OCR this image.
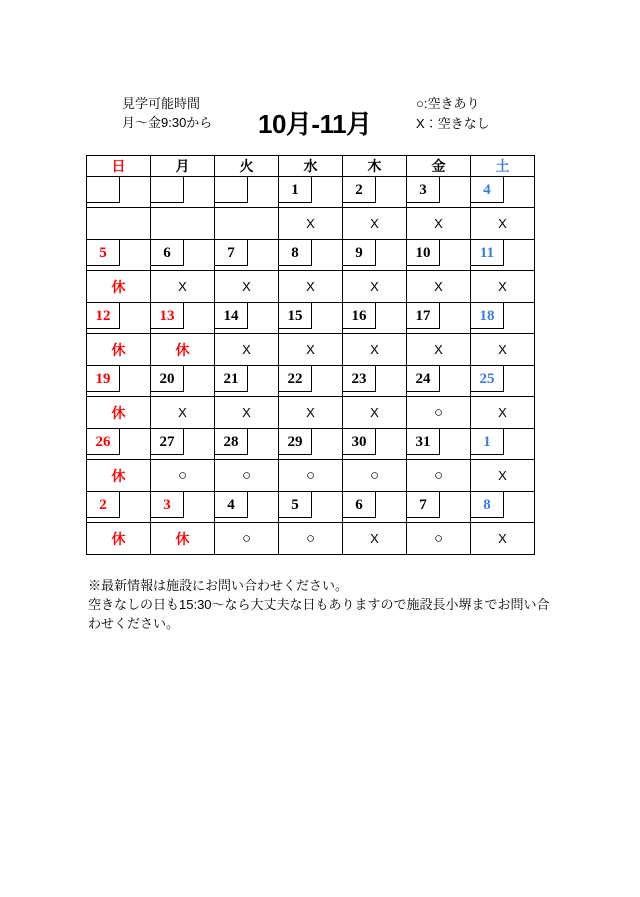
見学可能時間
月〜金9:30から 10月-11月
○:空きあり
X：空きなし
日	月	火	水	木	金	土

			1	2	3	4

			X	X	X	X

5	6	7	8	9	10	11

休	X	X	X	X	X	X

12	13	14	15	16	17	18

休	休	X	X	X	X	X

19	20	21	22	23	24	25

休	X	X	X	X	○	X

26	27	28	29	30	31	1

休	○	○	○	○	○	X

2	3	4	5	6	7	8

休	休	○	○	X	○	X
※最新情報は施設にお問い合わせください。
空きなしの日も15:30〜なら大丈夫な日もありますので施設長小堺までお問い合わせください。
